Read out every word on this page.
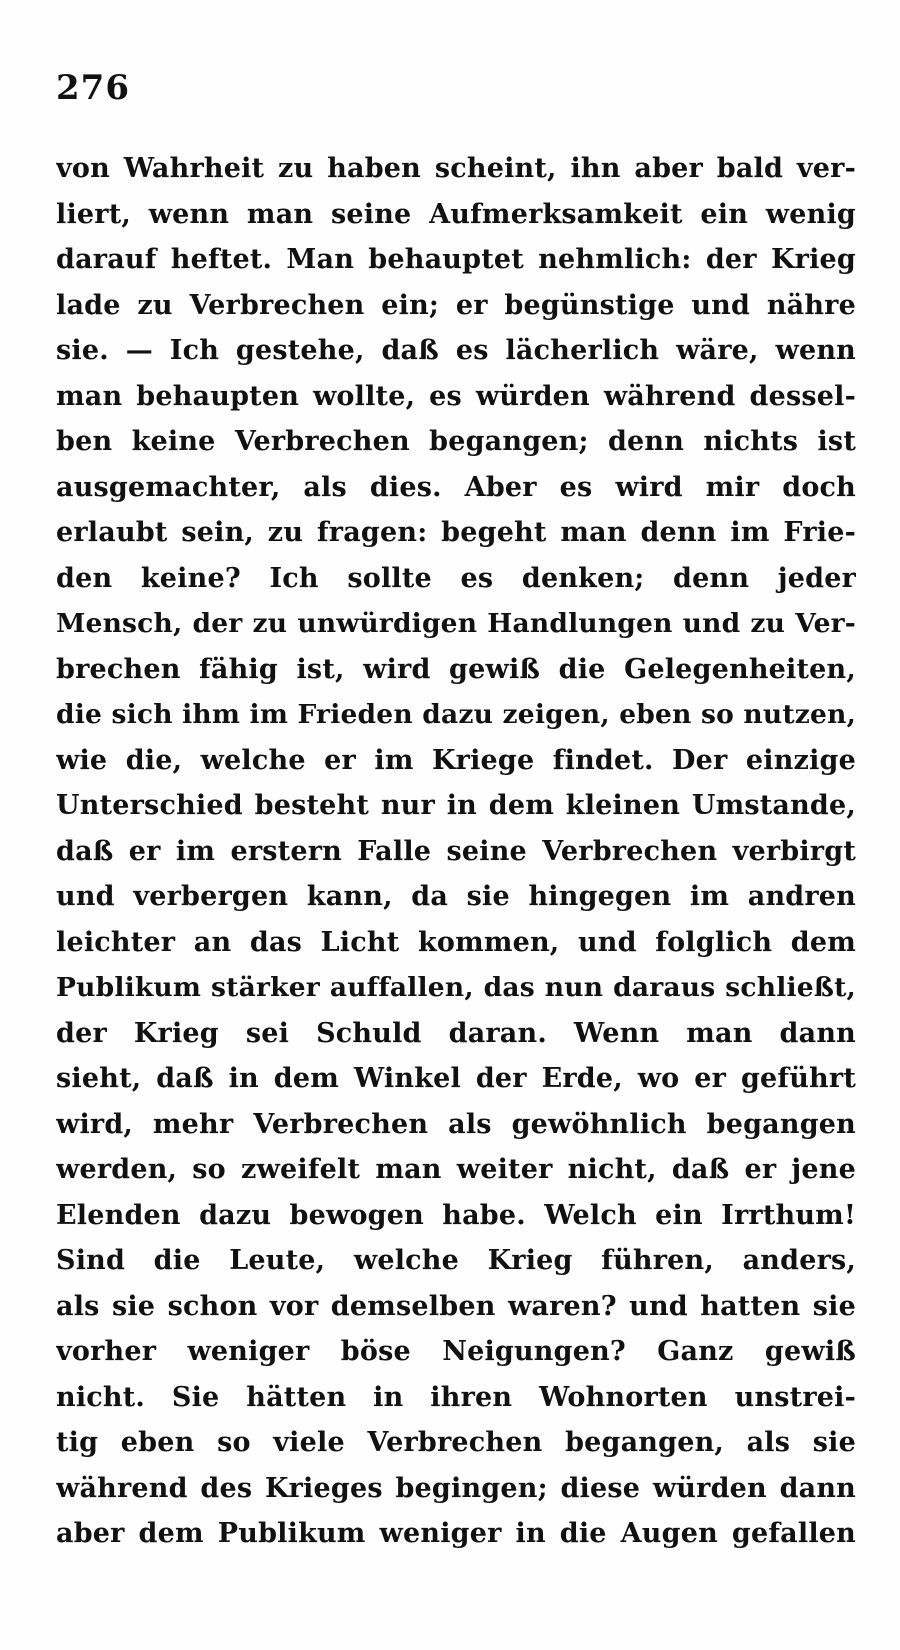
276
von Wahrheit zu haben scheint, ihn aber bald ver-
liert, wenn man seine Aufmerksamkeit ein wenig
darauf heftet. Man behauptet nehmlich: der Krieg
lade zu Verbrechen ein; er begünstige und nähre
sie. — Ich gestehe, daß es lächerlich wäre, wenn
man behaupten wollte, es würden während dessel-
ben keine Verbrechen begangen; denn nichts ist
ausgemachter, als dies. Aber es wird mir doch
erlaubt sein, zu fragen: begeht man denn im Frie-
den keine? Ich sollte es denken; denn jeder
Mensch, der zu unwürdigen Handlungen und zu Ver-
brechen fähig ist, wird gewiß die Gelegenheiten,
die sich ihm im Frieden dazu zeigen, eben so nutzen,
wie die, welche er im Kriege findet. Der einzige
Unterschied besteht nur in dem kleinen Umstande,
daß er im erstern Falle seine Verbrechen verbirgt
und verbergen kann, da sie hingegen im andren
leichter an das Licht kommen, und folglich dem
Publikum stärker auffallen, das nun daraus schließt,
der Krieg sei Schuld daran. Wenn man dann
sieht, daß in dem Winkel der Erde, wo er geführt
wird, mehr Verbrechen als gewöhnlich begangen
werden, so zweifelt man weiter nicht, daß er jene
Elenden dazu bewogen habe. Welch ein Irrthum!
Sind die Leute, welche Krieg führen, anders,
als sie schon vor demselben waren? und hatten sie
vorher weniger böse Neigungen? Ganz gewiß
nicht. Sie hätten in ihren Wohnorten unstrei-
tig eben so viele Verbrechen begangen, als sie
während des Krieges begingen; diese würden dann
aber dem Publikum weniger in die Augen gefallen
